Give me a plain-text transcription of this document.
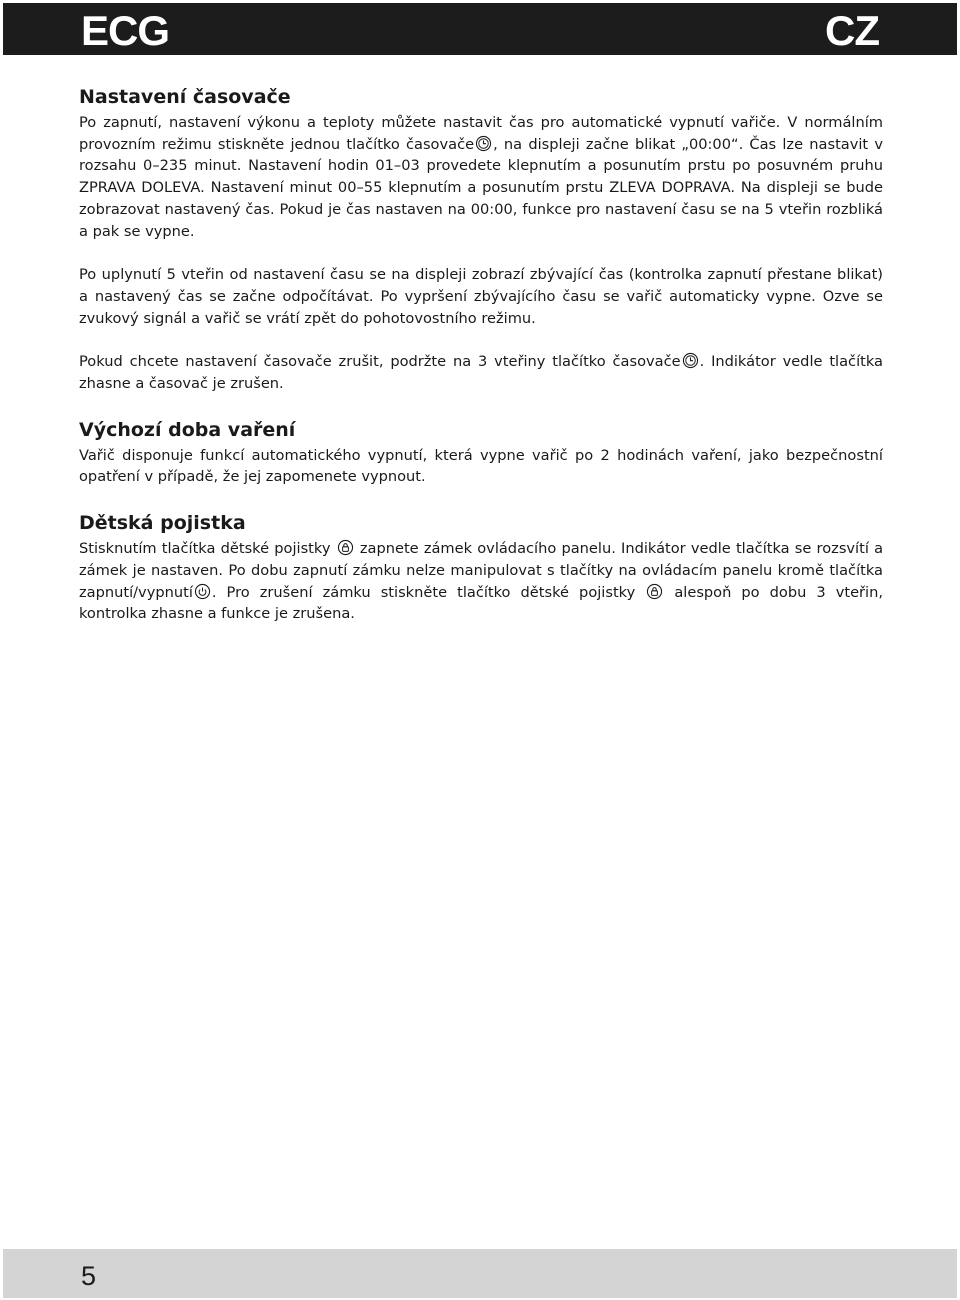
ECG	CZ
Nastavení časovače

Po zapnutí, nastavení výkonu a teploty můžete nastavit čas pro automatické vypnutí vařiče. V normálním provozním režimu stiskněte jednou tlačítko časovače , na displeji začne blikat „00:00“. Čas lze nastavit v rozsahu 0–235 minut. Nastavení hodin 01–03 provedete klepnutím a posunutím prstu po posuvném pruhu ZPRAVA DOLEVA. Nastavení minut 00–55 klepnutím a posunutím prstu ZLEVA DOPRAVA. Na displeji se bude zobrazovat nastavený čas. Pokud je čas nastaven na 00:00, funkce pro nastavení času se na 5 vteřin rozbliká a pak se vypne.

Po uplynutí 5 vteřin od nastavení času se na displeji zobrazí zbývající čas (kontrolka zapnutí přestane blikat) a nastavený čas se začne odpočítávat. Po vypršení zbývajícího času se vařič automaticky vypne. Ozve se zvukový signál a vařič se vrátí zpět do pohotovostního režimu.

Pokud chcete nastavení časovače zrušit, podržte na 3 vteřiny tlačítko časovače . Indikátor vedle tlačítka zhasne a časovač je zrušen.

Výchozí doba vaření

Vařič disponuje funkcí automatického vypnutí, která vypne vařič po 2 hodinách vaření, jako bezpečnostní opatření v případě, že jej zapomenete vypnout.

Dětská pojistka

Stisknutím tlačítka dětské pojistky zapnete zámek ovládacího panelu. Indikátor vedle tlačítka se rozsvítí a zámek je nastaven. Po dobu zapnutí zámku nelze manipulovat s tlačítky na ovládacím panelu kromě tlačítka zapnutí/vypnutí . Pro zrušení zámku stiskněte tlačítko dětské pojistky	alespoň po dobu 3 vteřin, kontrolka zhasne a funkce je zrušena.

5
